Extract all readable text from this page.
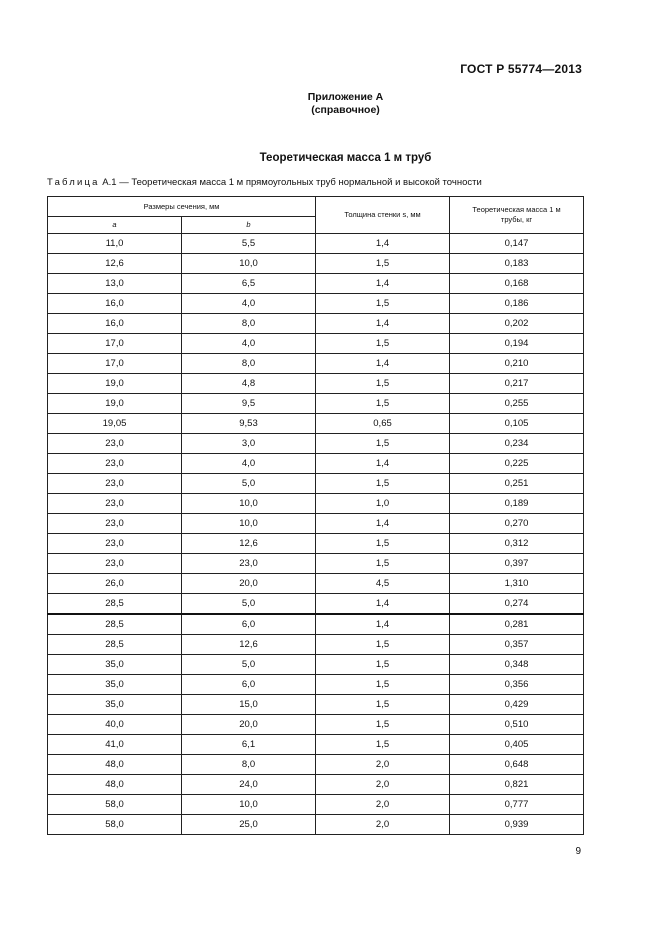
ГОСТ Р 55774—2013
Приложение А
(справочное)
Теоретическая масса 1 м труб
Таблица А.1 — Теоретическая масса 1 м прямоугольных труб нормальной и высокой точности
Размеры сечения, мм		Толщина стенки s, мм	Теоретическая масса 1 м трубы, кг
a	b		
11,0	5,5	1,4	0,147
12,6	10,0	1,5	0,183
13,0	6,5	1,4	0,168
16,0	4,0	1,5	0,186
16,0	8,0	1,4	0,202
17,0	4,0	1,5	0,194
17,0	8,0	1,4	0,210
19,0	4,8	1,5	0,217
19,0	9,5	1,5	0,255
19,05	9,53	0,65	0,105
23,0	3,0	1,5	0,234
23,0	4,0	1,4	0,225
23,0	5,0	1,5	0,251
23,0	10,0	1,0	0,189
23,0	10,0	1,4	0,270
23,0	12,6	1,5	0,312
23,0	23,0	1,5	0,397
26,0	20,0	4,5	1,310
28,5	5,0	1,4	0,274
28,5	6,0	1,4	0,281
28,5	12,6	1,5	0,357
35,0	5,0	1,5	0,348
35,0	6,0	1,5	0,356
35,0	15,0	1,5	0,429
40,0	20,0	1,5	0,510
41,0	6,1	1,5	0,405
48,0	8,0	2,0	0,648
48,0	24,0	2,0	0,821
58,0	10,0	2,0	0,777
58,0	25,0	2,0	0,939
9
